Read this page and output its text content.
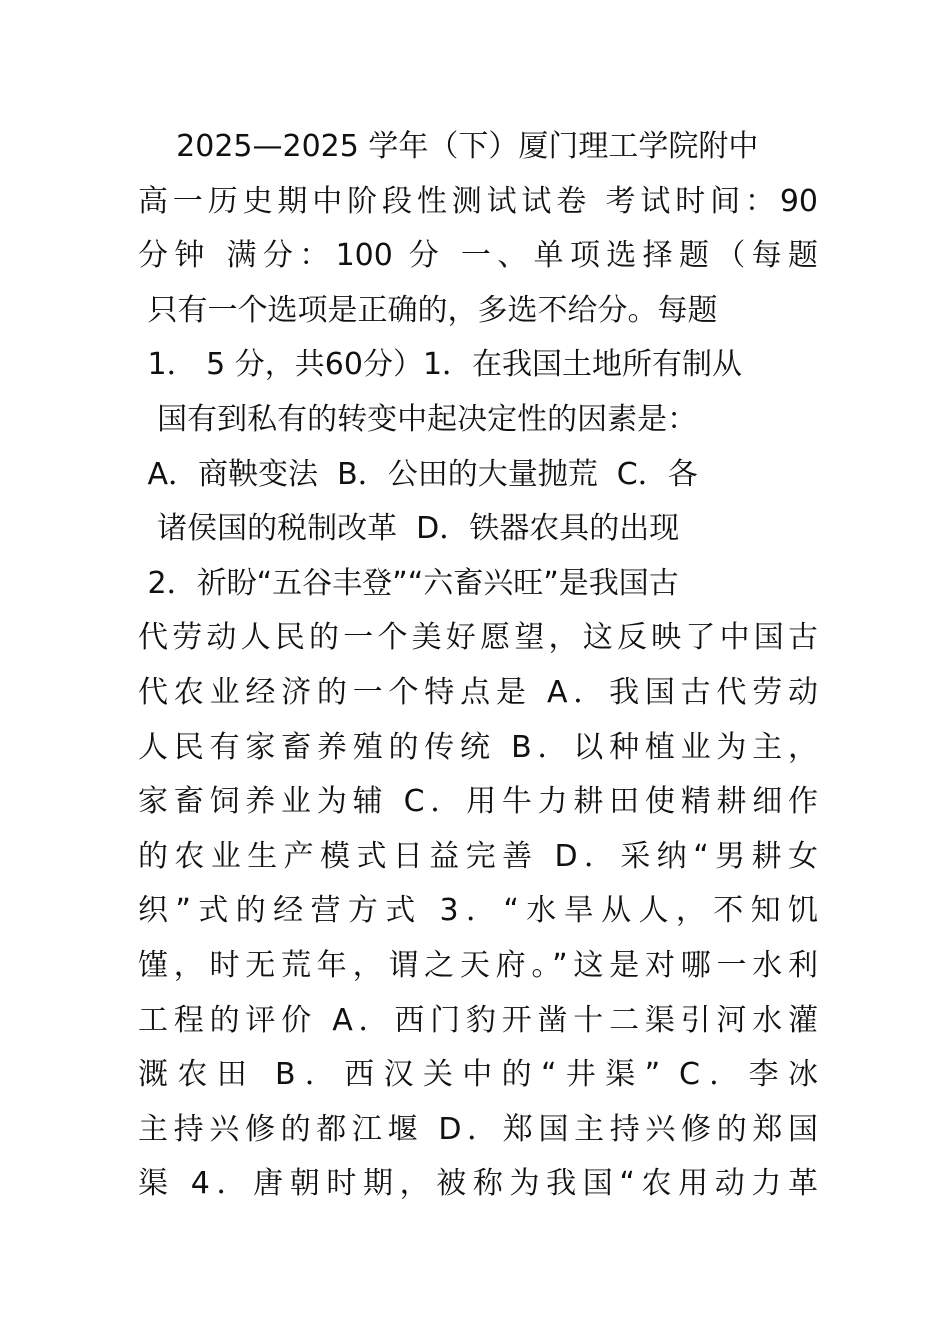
2025—2025 学年（下）厦门理工学院附中
高一历史期中阶段性测试试卷 考试时间：90
分钟 满分：100 分 一、单项选择题（每题
只有一个选项是正确的，多选不给分。每题
1． 5 分，共60分）1．在我国土地所有制从
国有到私有的转变中起决定性的因素是：
A．商鞅变法  B．公田的大量抛荒  C．各
诸侯国的税制改革  D．铁器农具的出现
2．祈盼“五谷丰登”“六畜兴旺”是我国古
代劳动人民的一个美好愿望，这反映了中国古
代农业经济的一个特点是 A．我国古代劳动
人民有家畜养殖的传统 B．以种植业为主，
家畜饲养业为辅 C．用牛力耕田使精耕细作
的农业生产模式日益完善 D．采纳“男耕女
织”式的经营方式 3．“水旱从人，不知饥
馑，时无荒年，谓之天府。”这是对哪一水利
工程的评价 A．西门豹开凿十二渠引河水灌
溉农田 B．西汉关中的“井渠” C．李冰
主持兴修的都江堰 D．郑国主持兴修的郑国
渠 4．唐朝时期，被称为我国“农用动力革
